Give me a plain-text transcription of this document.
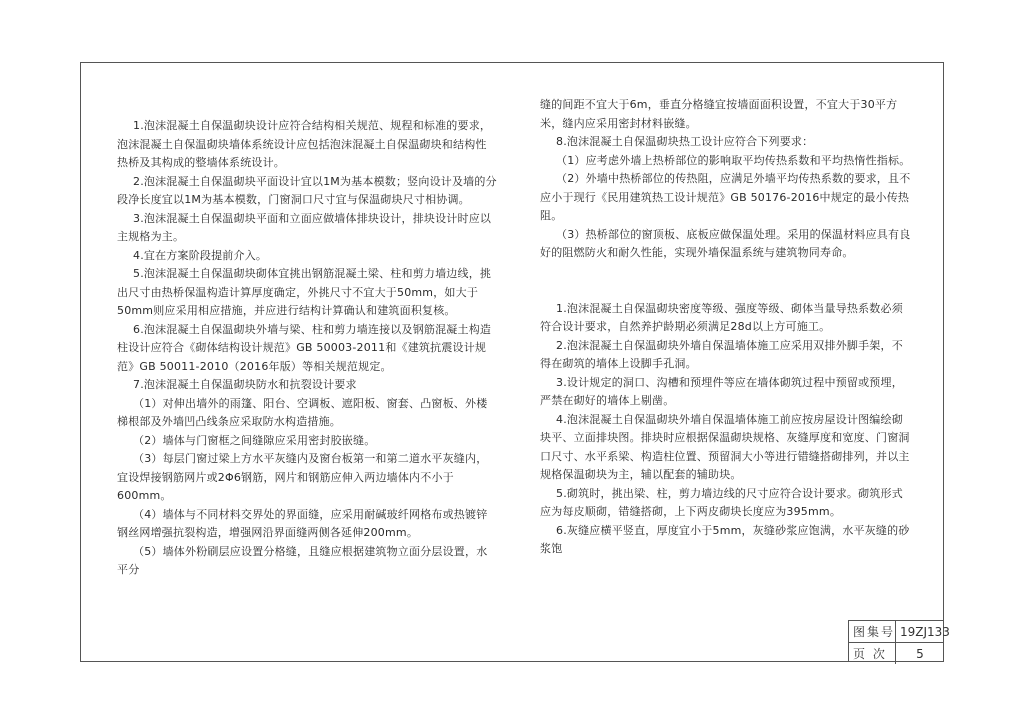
1.泡沫混凝土自保温砌块设计应符合结构相关规范、规程和标准的要求，泡沫混凝土自保温砌块墙体系统设计应包括泡沫混凝土自保温砌块和结构性热桥及其构成的整墙体系统设计。

2.泡沫混凝土自保温砌块平面设计宜以1M为基本模数；竖向设计及墙的分段净长度宜以1M为基本模数，门窗洞口尺寸宜与保温砌块尺寸相协调。

3.泡沫混凝土自保温砌块平面和立面应做墙体排块设计，排块设计时应以主规格为主。

4.宜在方案阶段提前介入。

5.泡沫混凝土自保温砌块砌体宜挑出钢筋混凝土梁、柱和剪力墙边线，挑出尺寸由热桥保温构造计算厚度确定，外挑尺寸不宜大于50mm，如大于50mm则应采用相应措施，并应进行结构计算确认和建筑面积复核。

6.泡沫混凝土自保温砌块外墙与梁、柱和剪力墙连接以及钢筋混凝土构造柱设计应符合《砌体结构设计规范》GB 50003-2011和《建筑抗震设计规范》GB 50011-2010（2016年版）等相关规范规定。

7.泡沫混凝土自保温砌块防水和抗裂设计要求

（1）对伸出墙外的雨篷、阳台、空调板、遮阳板、窗套、凸窗板、外楼梯根部及外墙凹凸线条应采取防水构造措施。

（2）墙体与门窗框之间缝隙应采用密封胶嵌缝。

（3）每层门窗过梁上方水平灰缝内及窗台板第一和第二道水平灰缝内，宜设焊接钢筋网片或2Φ6钢筋，网片和钢筋应伸入两边墙体内不小于600mm。

（4）墙体与不同材料交界处的界面缝，应采用耐碱玻纤网格布或热镀锌钢丝网增强抗裂构造，增强网沿界面缝两侧各延伸200mm。

（5）墙体外粉刷层应设置分格缝，且缝应根据建筑物立面分层设置，水平分

缝的间距不宜大于6m，垂直分格缝宜按墙面面积设置，不宜大于30平方米，缝内应采用密封材料嵌缝。

8.泡沫混凝土自保温砌块热工设计应符合下列要求：

（1）应考虑外墙上热桥部位的影响取平均传热系数和平均热惰性指标。

（2）外墙中热桥部位的传热阻，应满足外墙平均传热系数的要求，且不应小于现行《民用建筑热工设计规范》GB 50176-2016中规定的最小传热阻。

（3）热桥部位的窗顶板、底板应做保温处理。采用的保温材料应具有良好的阻燃防火和耐久性能，实现外墙保温系统与建筑物同寿命。

1.泡沫混凝土自保温砌块密度等级、强度等级、砌体当量导热系数必须符合设计要求，自然养护龄期必须满足28d以上方可施工。

2.泡沫混凝土自保温砌块外墙自保温墙体施工应采用双排外脚手架，不得在砌筑的墙体上设脚手孔洞。

3.设计规定的洞口、沟槽和预埋件等应在墙体砌筑过程中预留或预埋，严禁在砌好的墙体上剔凿。

4.泡沫混凝土自保温砌块外墙自保温墙体施工前应按房屋设计图编绘砌块平、立面排块图。排块时应根据保温砌块规格、灰缝厚度和宽度、门窗洞口尺寸、水平系梁、构造柱位置、预留洞大小等进行错缝搭砌排列，并以主规格保温砌块为主，辅以配套的辅助块。

5.砌筑时，挑出梁、柱，剪力墙边线的尺寸应符合设计要求。砌筑形式应为每皮顺砌，错缝搭砌，上下两皮砌块长度应为395mm。

6.灰缝应横平竖直，厚度宜小于5mm，灰缝砂浆应饱满，水平灰缝的砂浆饱

图集号 19ZJ133
页 次	5
